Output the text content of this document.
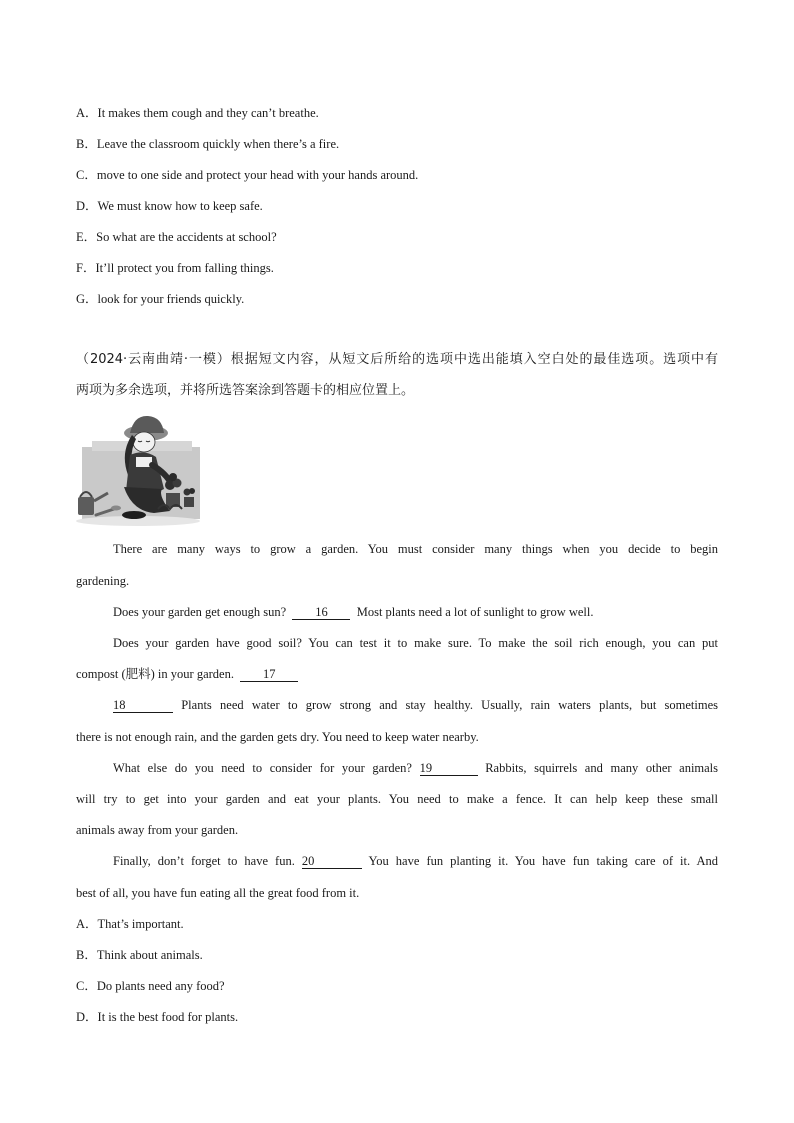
A．It makes them cough and they can’t breathe.
B．Leave the classroom quickly when there’s a fire.
C．move to one side and protect your head with your hands around.
D．We must know how to keep safe.
E．So what are the accidents at school?
F．It’ll protect you from falling things.
G．look for your friends quickly.
（2024·云南曲靖·一模）根据短文内容，从短文后所给的选项中选出能填入空白处的最佳选项。选项中有
两项为多余选项，并将所选答案涂到答题卡的相应位置上。
There are many ways to grow a garden. You must consider many things when you decide to begin
gardening.
Does your garden get enough sun? 16 Most plants need a lot of sunlight to grow well.
Does your garden have good soil? You can test it to make sure. To make the soil rich enough, you can put
compost (肥料) in your garden. 17
18	Plants need water to grow strong and stay healthy. Usually, rain waters plants, but sometimes
there is not enough rain, and the garden gets dry. You need to keep water nearby.
What else do you need to consider for your garden? 19	Rabbits, squirrels and many other animals
will try to get into your garden and eat your plants. You need to make a fence. It can help keep these small
animals away from your garden.
Finally, don’t forget to have fun. 20	You have fun planting it. You have fun taking care of it. And
best of all, you have fun eating all the great food from it.
A．That’s important.
B．Think about animals.
C．Do plants need any food?
D．It is the best food for plants.
